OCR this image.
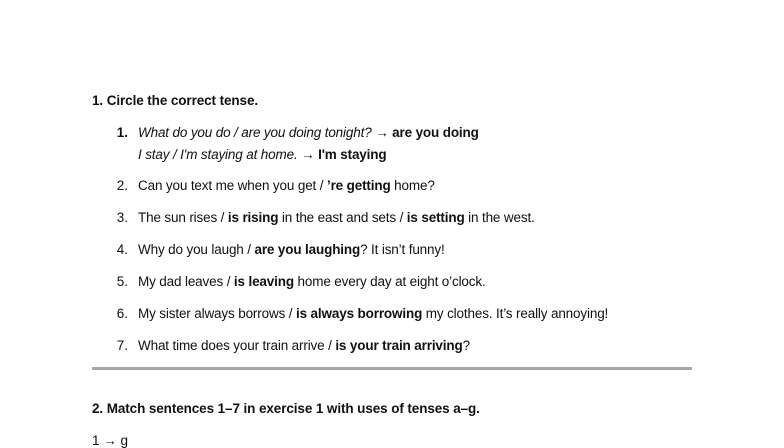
1. Circle the correct tense.
1. What do you do / are you doing tonight? → are you doing
I stay / I'm staying at home. → I'm staying
2. Can you text me when you get / ’re getting home?
3. The sun rises / is rising in the east and sets / is setting in the west.
4. Why do you laugh / are you laughing? It isn’t funny!
5. My dad leaves / is leaving home every day at eight o’clock.
6. My sister always borrows / is always borrowing my clothes. It’s really annoying!
7. What time does your train arrive / is your train arriving?
2. Match sentences 1–7 in exercise 1 with uses of tenses a–g.
1 → g
